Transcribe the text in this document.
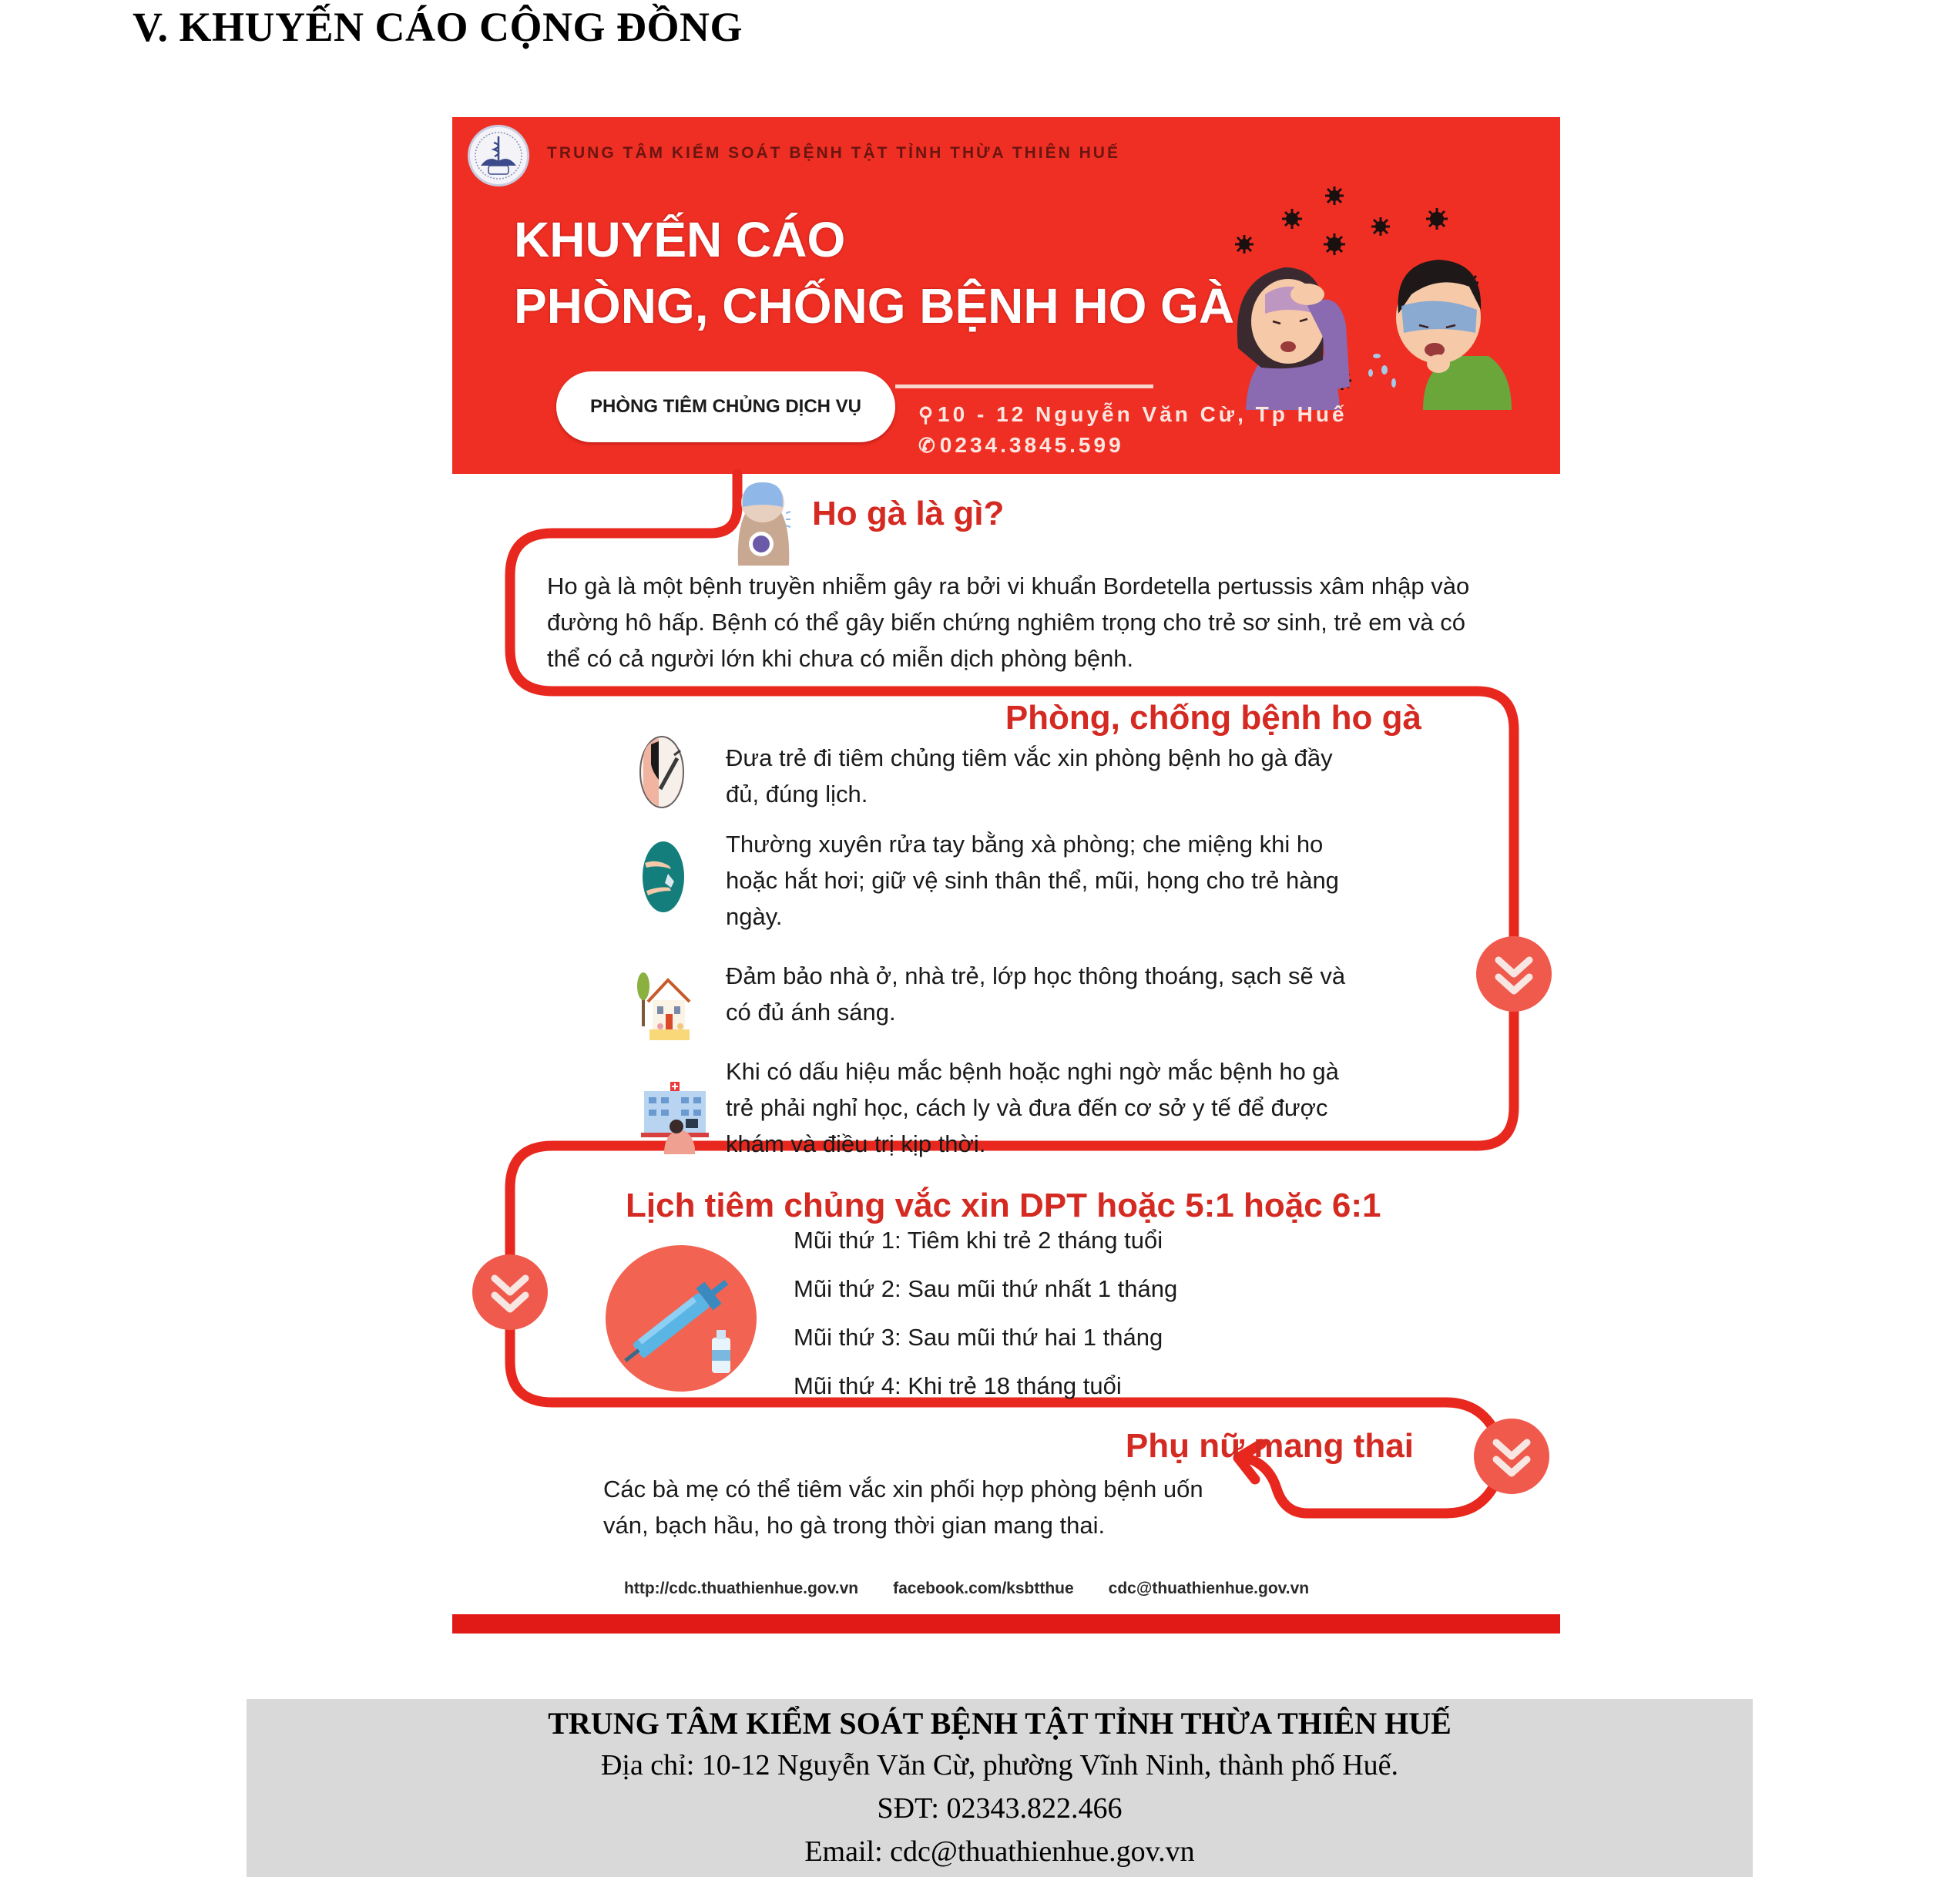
V. KHUYẾN CÁO CỘNG ĐỒNG
TRUNG TÂM KIỂM SOÁT BỆNH TẬT TỈNH THỪA THIÊN HUẾ
KHUYẾN CÁO
PHÒNG, CHỐNG BỆNH HO GÀ
PHÒNG TIÊM CHỦNG DỊCH VỤ	⚲ 10 - 12 Nguyễn Văn Cừ, Tp Huế
✆ 0234.3845.599
Ho gà là gì?
Ho gà là một bệnh truyền nhiễm gây ra bởi vi khuẩn Bordetella pertussis xâm nhập vào đường hô hấp. Bệnh có thể gây biến chứng nghiêm trọng cho trẻ sơ sinh, trẻ em và có thể có cả người lớn khi chưa có miễn dịch phòng bệnh.
Phòng, chống bệnh ho gà
Đưa trẻ đi tiêm chủng tiêm vắc xin phòng bệnh ho gà đầy đủ, đúng lịch.
Thường xuyên rửa tay bằng xà phòng; che miệng khi ho hoặc hắt hơi; giữ vệ sinh thân thể, mũi, họng cho trẻ hàng ngày.
Đảm bảo nhà ở, nhà trẻ, lớp học thông thoáng, sạch sẽ và có đủ ánh sáng.
Khi có dấu hiệu mắc bệnh hoặc nghi ngờ mắc bệnh ho gà trẻ phải nghỉ học, cách ly và đưa đến cơ sở y tế để được khám và điều trị kịp thời.
Lịch tiêm chủng vắc xin DPT hoặc 5:1 hoặc 6:1
Mũi thứ 1: Tiêm khi trẻ 2 tháng tuổi
Mũi thứ 2: Sau mũi thứ nhất 1 tháng
Mũi thứ 3: Sau mũi thứ hai 1 tháng
Mũi thứ 4: Khi trẻ 18 tháng tuổi
Phụ nữ mang thai
Các bà mẹ có thể tiêm vắc xin phối hợp phòng bệnh uốn ván, bạch hầu, ho gà trong thời gian mang thai.
http://cdc.thuathienhue.gov.vn facebook.com/ksbtthue cdc@thuathienhue.gov.vn
TRUNG TÂM KIỂM SOÁT BỆNH TẬT TỈNH THỪA THIÊN HUẾ
Địa chỉ: 10-12 Nguyễn Văn Cừ, phường Vĩnh Ninh, thành phố Huế.
SĐT: 02343.822.466
Email: cdc@thuathienhue.gov.vn
